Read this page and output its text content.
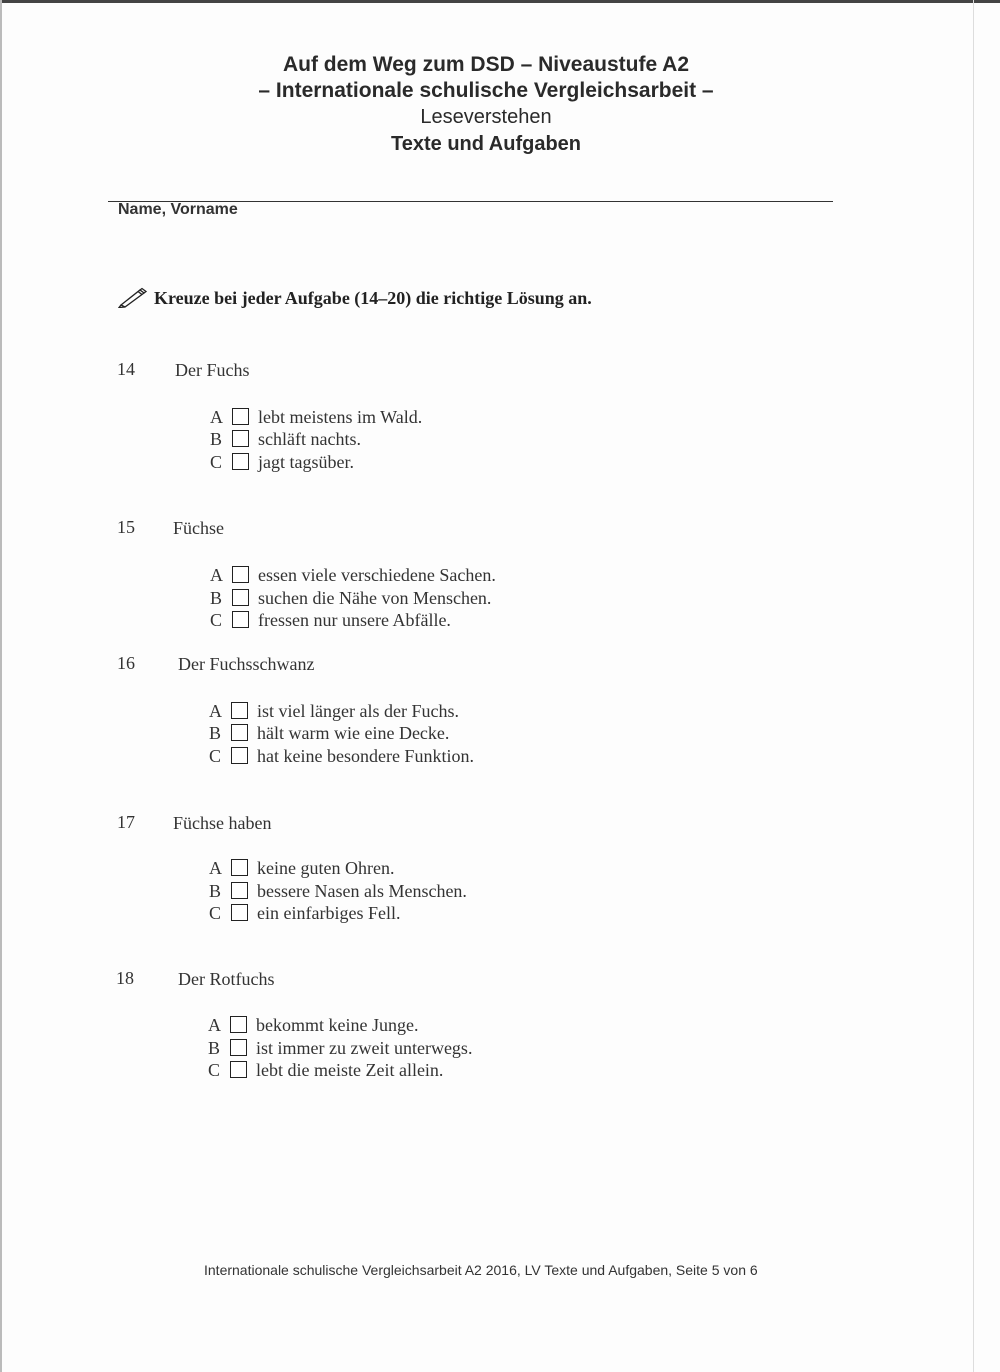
Auf dem Weg zum DSD – Niveaustufe A2
– Internationale schulische Vergleichsarbeit –
Leseverstehen
Texte und Aufgaben
Name, Vorname
Kreuze bei jeder Aufgabe (14–20) die richtige Lösung an.
14 Der Fuchs
A lebt meistens im Wald.
B schläft nachts.
C jagt tagsüber.
15 Füchse
A essen viele verschiedene Sachen.
B suchen die Nähe von Menschen.
C fressen nur unsere Abfälle.
16 Der Fuchsschwanz
A ist viel länger als der Fuchs.
B hält warm wie eine Decke.
C hat keine besondere Funktion.
17 Füchse haben
A keine guten Ohren.
B bessere Nasen als Menschen.
C ein einfarbiges Fell.
18 Der Rotfuchs
A bekommt keine Junge.
B ist immer zu zweit unterwegs.
C lebt die meiste Zeit allein.
Internationale schulische Vergleichsarbeit A2 2016, LV Texte und Aufgaben, Seite 5 von 6
